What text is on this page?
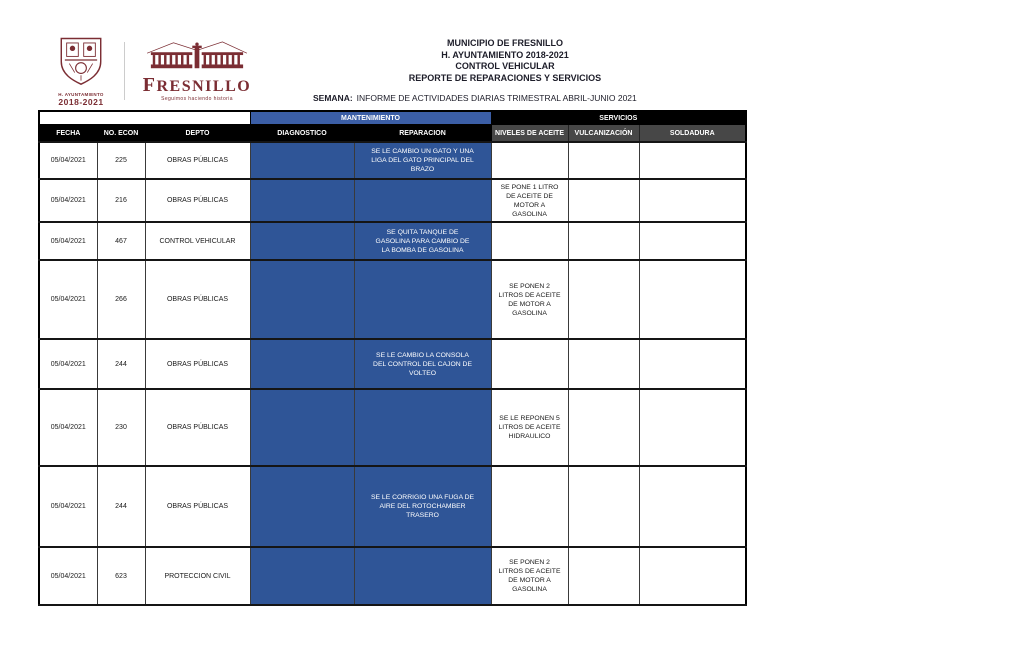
H. AYUNTAMIENTO
2018-2021
FRESNILLO
Seguimos haciendo historia
MUNICIPIO DE FRESNILLO
H. AYUNTAMIENTO 2018-2021
CONTROL VEHICULAR
REPORTE DE REPARACIONES Y SERVICIOS
SEMANA: INFORME DE ACTIVIDADES DIARIAS TRIMESTRAL ABRIL-JUNIO 2021
			MANTENIMIENTO		SERVICIOS		
FECHA	NO. ECON	DEPTO	DIAGNOSTICO	REPARACION	NIVELES DE ACEITE	VULCANIZACIÓN	SOLDADURA
05/04/2021	225	OBRAS PÚBLICAS		SE LE CAMBIO UN GATO Y UNA LIGA DEL GATO PRINCIPAL DEL BRAZO			
05/04/2021	216	OBRAS PÚBLICAS			SE PONE 1 LITRO DE ACEITE DE MOTOR A GASOLINA		
05/04/2021	467	CONTROL VEHICULAR		SE QUITA TANQUE DE GASOLINA PARA CAMBIO DE LA BOMBA DE GASOLINA			
05/04/2021	266	OBRAS PÚBLICAS			SE PONEN 2 LITROS DE ACEITE DE MOTOR A GASOLINA		
05/04/2021	244	OBRAS PÚBLICAS		SE LE CAMBIO LA CONSOLA DEL CONTROL DEL CAJON DE VOLTEO			
05/04/2021	230	OBRAS PÚBLICAS			SE LE REPONEN 5 LITROS DE ACEITE HIDRAULICO		
05/04/2021	244	OBRAS PÚBLICAS		SE LE CORRIGIO UNA FUGA DE AIRE DEL ROTOCHAMBER TRASERO			
05/04/2021	623	PROTECCION CIVIL			SE PONEN 2 LITROS DE ACEITE DE MOTOR A GASOLINA		
